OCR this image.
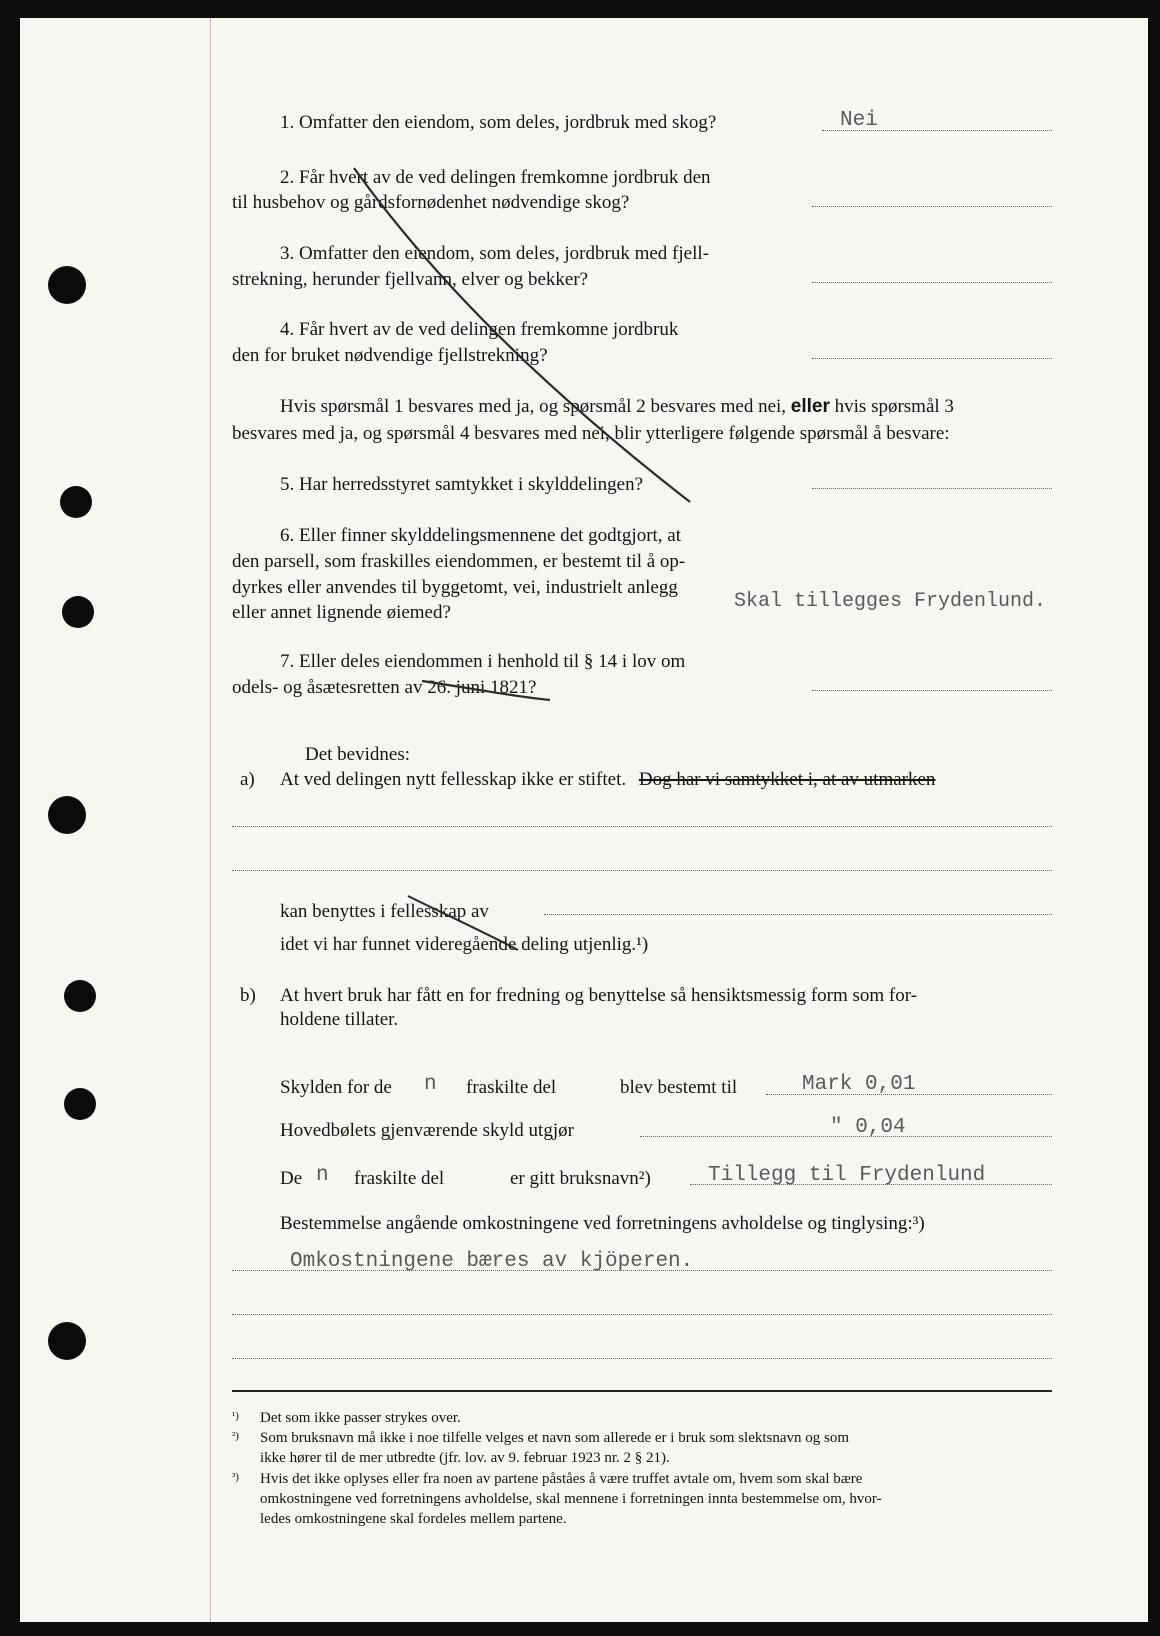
1. Omfatter den eiendom, som deles, jordbruk med skog?	Nei
2. Får hvert av de ved delingen fremkomne jordbruk den
til husbehov og gårdsfornødenhet nødvendige skog?
3. Omfatter den eiendom, som deles, jordbruk med fjell-
strekning, herunder fjellvann, elver og bekker?
4. Får hvert av de ved delingen fremkomne jordbruk
den for bruket nødvendige fjellstrekning?
Hvis spørsmål 1 besvares med ja, og spørsmål 2 besvares med nei, eller hvis spørsmål 3
besvares med ja, og spørsmål 4 besvares med nei, blir ytterligere følgende spørsmål å besvare:
5. Har herredsstyret samtykket i skylddelingen?
6. Eller finner skylddelingsmennene det godtgjort, at
den parsell, som fraskilles eiendommen, er bestemt til å op-
dyrkes eller anvendes til byggetomt, vei, industrielt anlegg
eller annet lignende øiemed?	Skal tillegges Frydenlund.
7. Eller deles eiendommen i henhold til § 14 i lov om
odels- og åsætesretten av 26. juni 1821?
Det bevidnes:
a) At ved delingen nytt fellesskap ikke er stiftet. Dog har vi samtykket i, at av utmarken
kan benyttes i fellesskap av
idet vi har funnet videregående deling utjenlig.¹)
b) At hvert bruk har fått en for fredning og benyttelse så hensiktsmessig form som for-
holdene tillater.
Skylden for de n fraskilte del	blev bestemt til	Mark 0,01
Hovedbølets gjenværende skyld utgjør	" 0,04
De n fraskilte del	er gitt bruksnavn²)	Tillegg til Frydenlund
Bestemmelse angående omkostningene ved forretningens avholdelse og tinglysing:³)
Omkostningene bæres av kjöperen.
¹) Det som ikke passer strykes over.
²) Som bruksnavn må ikke i noe tilfelle velges et navn som allerede er i bruk som slektsnavn og som
ikke hører til de mer utbredte (jfr. lov. av 9. februar 1923 nr. 2 § 21).
³) Hvis det ikke oplyses eller fra noen av partene påståes å være truffet avtale om, hvem som skal bære
omkostningene ved forretningens avholdelse, skal mennene i forretningen innta bestemmelse om, hvor-
ledes omkostningene skal fordeles mellem partene.
